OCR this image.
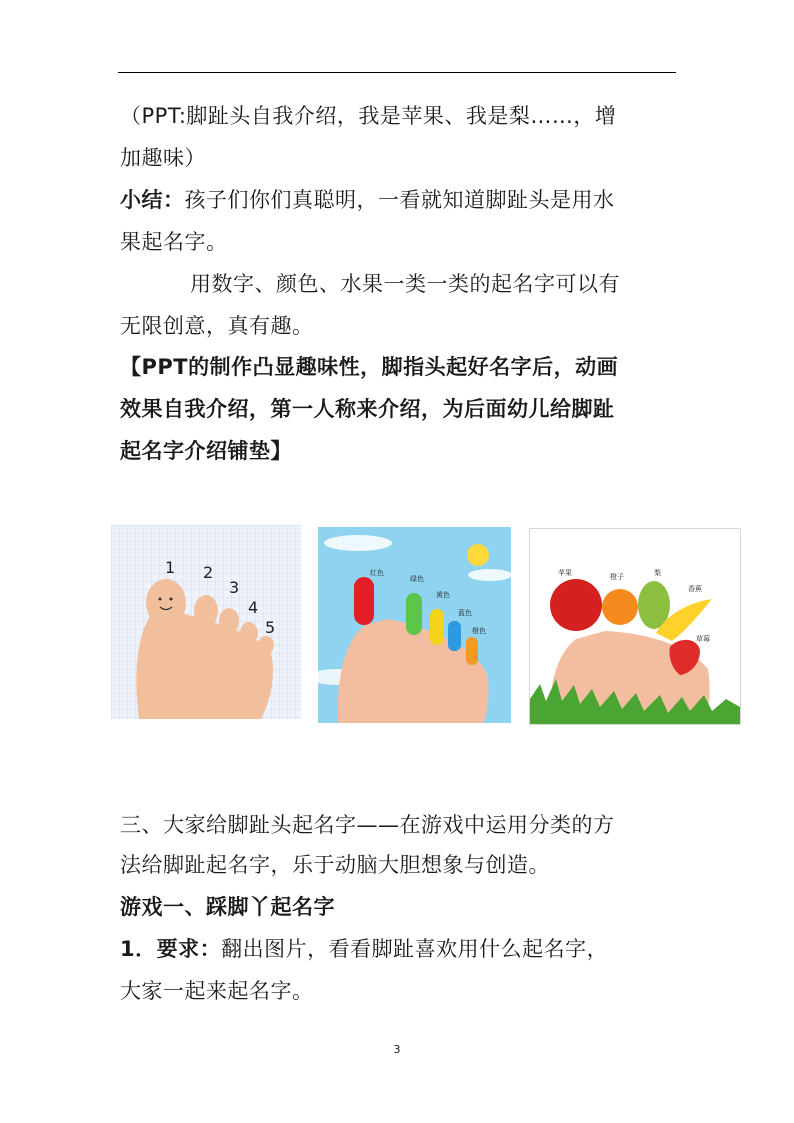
（PPT:脚趾头自我介绍，我是苹果、我是梨……，增
加趣味）
小结：孩子们你们真聪明，一看就知道脚趾头是用水
果起名字。
用数字、颜色、水果一类一类的起名字可以有
无限创意，真有趣。
【PPT的制作凸显趣味性，脚指头起好名字后，动画
效果自我介绍，第一人称来介绍，为后面幼儿给脚趾
起名字介绍铺垫】
1 2
3
4
5
红色
绿色
黄色
蓝色
橙色
苹果	橙子	梨
香蕉
草莓
三、大家给脚趾头起名字——在游戏中运用分类的方
法给脚趾起名字，乐于动脑大胆想象与创造。
游戏一、踩脚丫起名字
1．要求：翻出图片，看看脚趾喜欢用什么起名字，
大家一起来起名字。
3
